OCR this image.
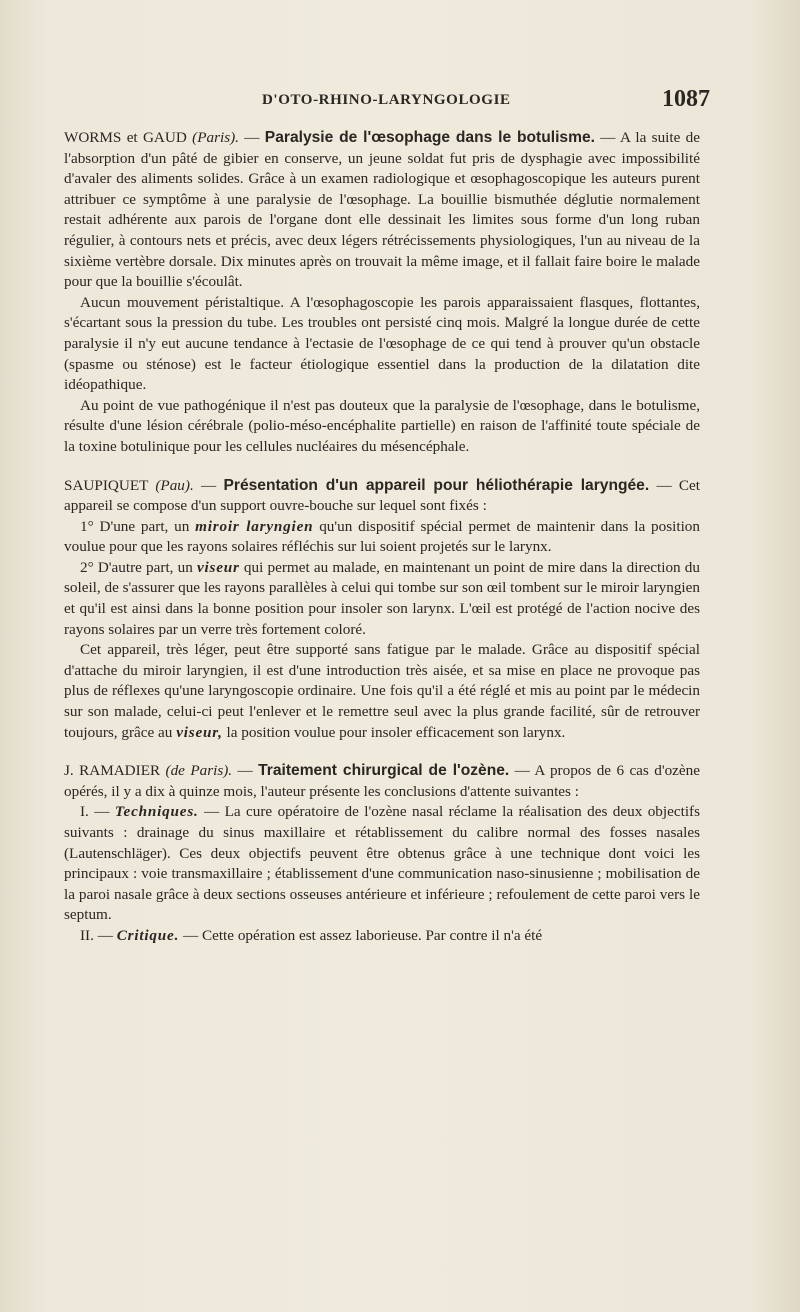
D'OTO-RHINO-LARYNGOLOGIE	1087

WORMS et GAUD (Paris). — Paralysie de l'œsophage dans le botulisme. — A la suite de l'absorption d'un pâté de gibier en conserve, un jeune soldat fut pris de dysphagie avec impossibilité d'avaler des aliments solides. Grâce à un examen radiologique et œsophagoscopique les auteurs purent attribuer ce symptôme à une paralysie de l'œsophage. La bouillie bismuthée déglutie normalement restait adhérente aux parois de l'organe dont elle dessinait les limites sous forme d'un long ruban régulier, à contours nets et précis, avec deux légers rétrécissements physiologiques, l'un au niveau de la sixième vertèbre dorsale. Dix minutes après on trouvait la même image, et il fallait faire boire le malade pour que la bouillie s'écoulât.

Aucun mouvement péristaltique. A l'œsophagoscopie les parois apparaissaient flasques, flottantes, s'écartant sous la pression du tube. Les troubles ont persisté cinq mois. Malgré la longue durée de cette paralysie il n'y eut aucune tendance à l'ectasie de l'œsophage de ce qui tend à prouver qu'un obstacle (spasme ou sténose) est le facteur étiologique essentiel dans la production de la dilatation dite idéopathique.

Au point de vue pathogénique il n'est pas douteux que la paralysie de l'œsophage, dans le botulisme, résulte d'une lésion cérébrale (polio-méso-encéphalite partielle) en raison de l'affinité toute spéciale de la toxine botulinique pour les cellules nucléaires du mésencéphale.

SAUPIQUET (Pau). — Présentation d'un appareil pour héliothérapie laryngée. — Cet appareil se compose d'un support ouvre-bouche sur lequel sont fixés :

1° D'une part, un miroir laryngien qu'un dispositif spécial permet de maintenir dans la position voulue pour que les rayons solaires réfléchis sur lui soient projetés sur le larynx.

2° D'autre part, un viseur qui permet au malade, en maintenant un point de mire dans la direction du soleil, de s'assurer que les rayons parallèles à celui qui tombe sur son œil tombent sur le miroir laryngien et qu'il est ainsi dans la bonne position pour insoler son larynx. L'œil est protégé de l'action nocive des rayons solaires par un verre très fortement coloré.

Cet appareil, très léger, peut être supporté sans fatigue par le malade. Grâce au dispositif spécial d'attache du miroir laryngien, il est d'une introduction très aisée, et sa mise en place ne provoque pas plus de réflexes qu'une laryngoscopie ordinaire. Une fois qu'il a été réglé et mis au point par le médecin sur son malade, celui-ci peut l'enlever et le remettre seul avec la plus grande facilité, sûr de retrouver toujours, grâce au viseur, la position voulue pour insoler efficacement son larynx.

J. RAMADIER (de Paris). — Traitement chirurgical de l'ozène. — A propos de 6 cas d'ozène opérés, il y a dix à quinze mois, l'auteur présente les conclusions d'attente suivantes :

I. — Techniques. — La cure opératoire de l'ozène nasal réclame la réalisation des deux objectifs suivants : drainage du sinus maxillaire et rétablissement du calibre normal des fosses nasales (Lautenschläger). Ces deux objectifs peuvent être obtenus grâce à une technique dont voici les principaux : voie transmaxillaire ; établissement d'une communication naso-sinusienne ; mobilisation de la paroi nasale grâce à deux sections osseuses antérieure et inférieure ; refoulement de cette paroi vers le septum.

II. — Critique. — Cette opération est assez laborieuse. Par contre il n'a été
